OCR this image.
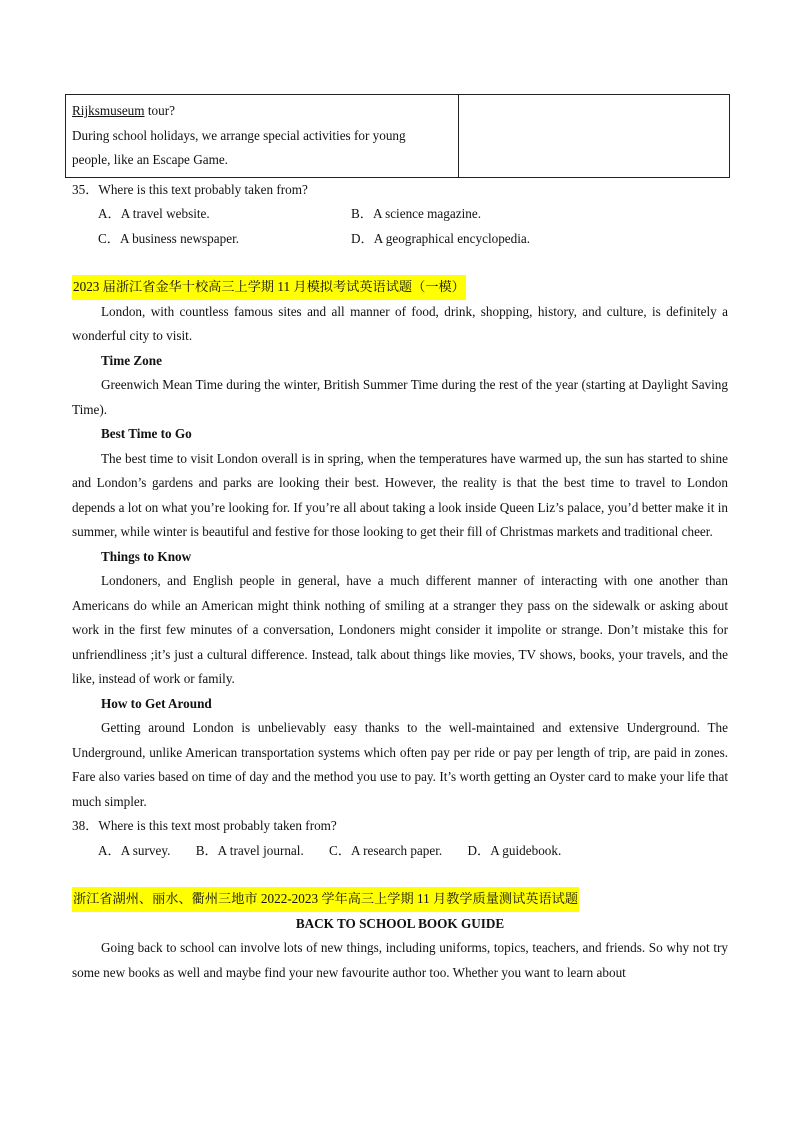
Rijksmuseum tour?
During school holidays, we arrange special activities for young
people, like an Escape Game.

35．Where is this text probably taken from?

A．A travel website.	B．A science magazine.
C．A business newspaper.	D．A geographical encyclopedia.
2023 届浙江省金华十校高三上学期 11 月模拟考试英语试题（一模）

London, with countless famous sites and all manner of food, drink, shopping, history, and culture, is definitely a wonderful city to visit.

Time Zone

Greenwich Mean Time during the winter, British Summer Time during the rest of the year (starting at Daylight Saving Time).

Best Time to Go

The best time to visit London overall is in spring, when the temperatures have warmed up, the sun has started to shine and London’s gardens and parks are looking their best. However, the reality is that the best time to travel to London depends a lot on what you’re looking for. If you’re all about taking a look inside Queen Liz’s palace, you’d better make it in summer, while winter is beautiful and festive for those looking to get their fill of Christmas markets and traditional cheer.

Things to Know

Londoners, and English people in general, have a much different manner of interacting with one another than Americans do while an American might think nothing of smiling at a stranger they pass on the sidewalk or asking about work in the first few minutes of a conversation, Londoners might consider it impolite or strange. Don’t mistake this for unfriendliness ;it’s just a cultural difference. Instead, talk about things like movies, TV shows, books, your travels, and the like, instead of work or family.

How to Get Around

Getting around London is unbelievably easy thanks to the well-maintained and extensive Underground. The Underground, unlike American transportation systems which often pay per ride or pay per length of trip, are paid in zones. Fare also varies based on time of day and the method you use to pay. It’s worth getting an Oyster card to make your life that much simpler.

38．Where is this text most probably taken from?

A．A survey. B．A travel journal. C．A research paper. D．A guidebook.
浙江省湖州、丽水、衢州三地市 2022-2023 学年高三上学期 11 月教学质量测试英语试题
BACK TO SCHOOL BOOK GUIDE

Going back to school can involve lots of new things, including uniforms, topics, teachers, and friends. So why not try some new books as well and maybe find your new favourite author too. Whether you want to learn about
